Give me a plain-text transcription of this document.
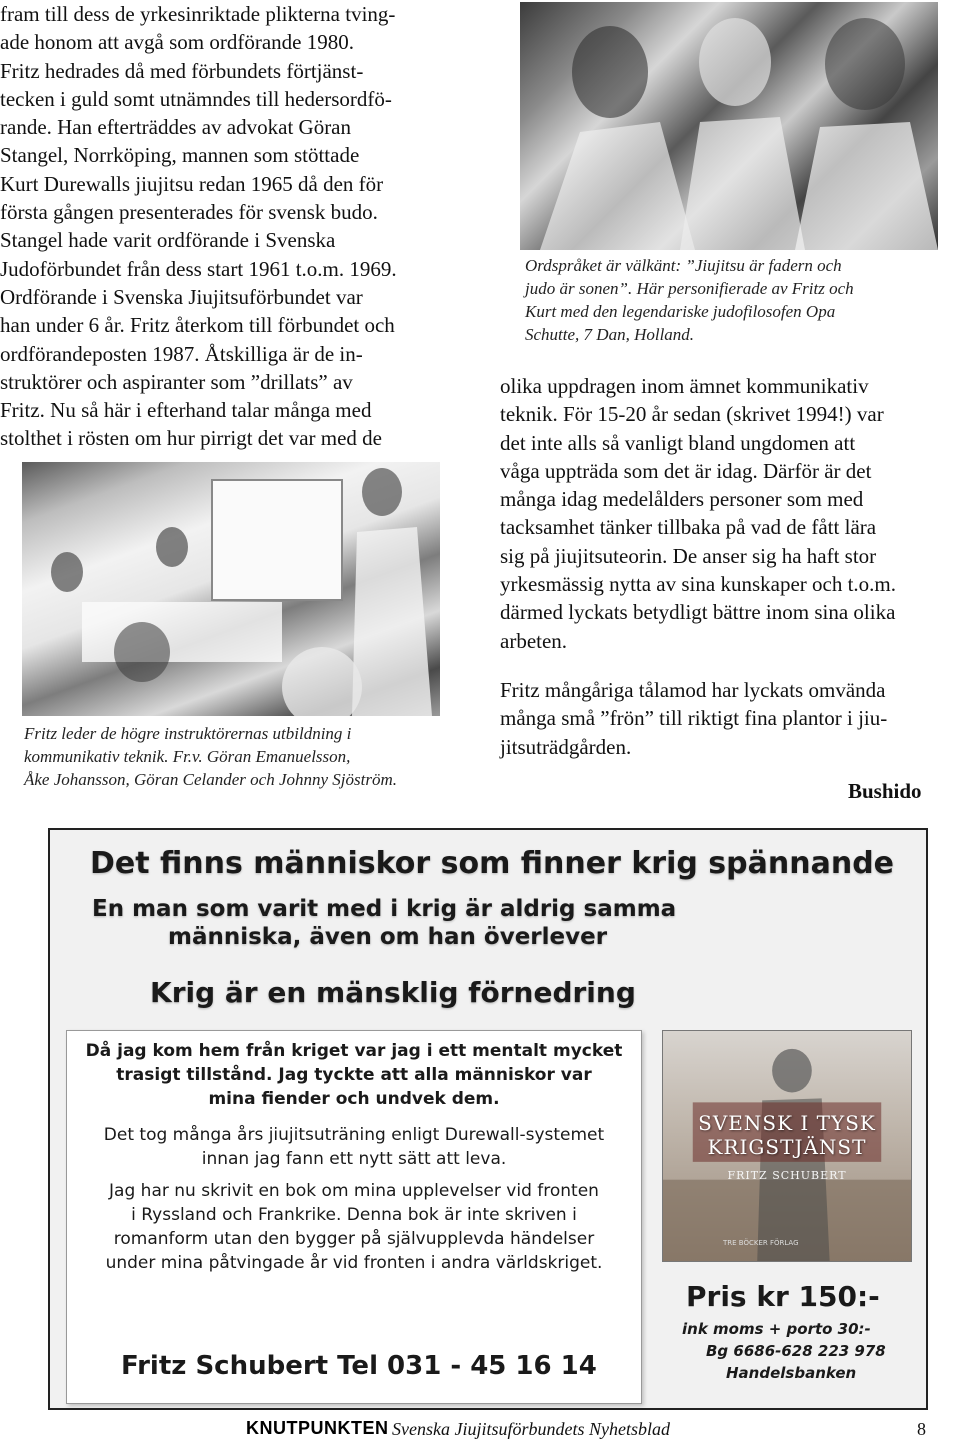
fram till dess de yrkesinriktade plikterna tving-

ade honom att avgå som ordförande 1980.

Fritz hedrades då med förbundets förtjänst-

tecken i guld somt utnämndes till hedersordfö-

rande. Han efterträddes av advokat Göran

Stangel, Norrköping, mannen som stöttade

Kurt Durewalls jiujitsu redan 1965 då den för

första gången presenterades för svensk budo.

Stangel hade varit ordförande i Svenska

Judoförbundet från dess start 1961 t.o.m. 1969.

Ordförande i Svenska Jiujitsuförbundet var

han under 6 år. Fritz återkom till förbundet och

ordförandeposten 1987. Åtskilliga är de in-

struktörer och aspiranter som ”drillats” av

Fritz. Nu så här i efterhand talar många med

stolthet i rösten om hur pirrigt det var med de

Ordspråket är välkänt: ”Jiujitsu är fadern och

judo är sonen”. Här personifierade av Fritz och

Kurt med den legendariske judofilosofen Opa

Schutte, 7 Dan, Holland.

Fritz leder de högre instruktörernas utbildning i

kommunikativ teknik. Fr.v. Göran Emanuelsson,

Åke Johansson, Göran Celander och Johnny Sjöström.

olika uppdragen inom ämnet kommunikativ

teknik. För 15-20 år sedan (skrivet 1994!) var

det inte alls så vanligt bland ungdomen att

våga uppträda som det är idag. Därför är det

många idag medelålders personer som med

tacksamhet tänker tillbaka på vad de fått lära

sig på jiujitsuteorin. De anser sig ha haft stor

yrkesmässig nytta av sina kunskaper och t.o.m.

därmed lyckats betydligt bättre inom sina olika

arbeten.

Fritz mångåriga tålamod har lyckats omvända

många små ”frön” till riktigt fina plantor i jiu-

jitsuträdgården.

Bushido
Det finns människor som finner krig spännande
En man som varit med i krig är aldrig samma
människa, även om han överlever
Krig är en mänsklig förnedring
Då jag kom hem från kriget var jag i ett mentalt mycket
trasigt tillstånd. Jag tyckte att alla människor var
mina fiender och undvek dem.
Det tog många års jiujitsuträning enligt Durewall-systemet
innan jag fann ett nytt sätt att leva.
Jag har nu skrivit en bok om mina upplevelser vid fronten
i Ryssland och Frankrike. Denna bok är inte skriven i
romanform utan den bygger på självupplevda händelser
under mina påtvingade år vid fronten i andra världskriget.
Fritz Schubert Tel 031 - 45 16 14
SVENSK I TYSK
KRIGSTJÄNST
FRITZ SCHUBERT
TRE BÖCKER FÖRLAG
Pris kr 150:-
ink moms + porto 30:-
Bg 6686-628 223 978
Handelsbanken
KNUTPUNKTEN Svenska Jiujitsuförbundets Nyhetsblad	8
